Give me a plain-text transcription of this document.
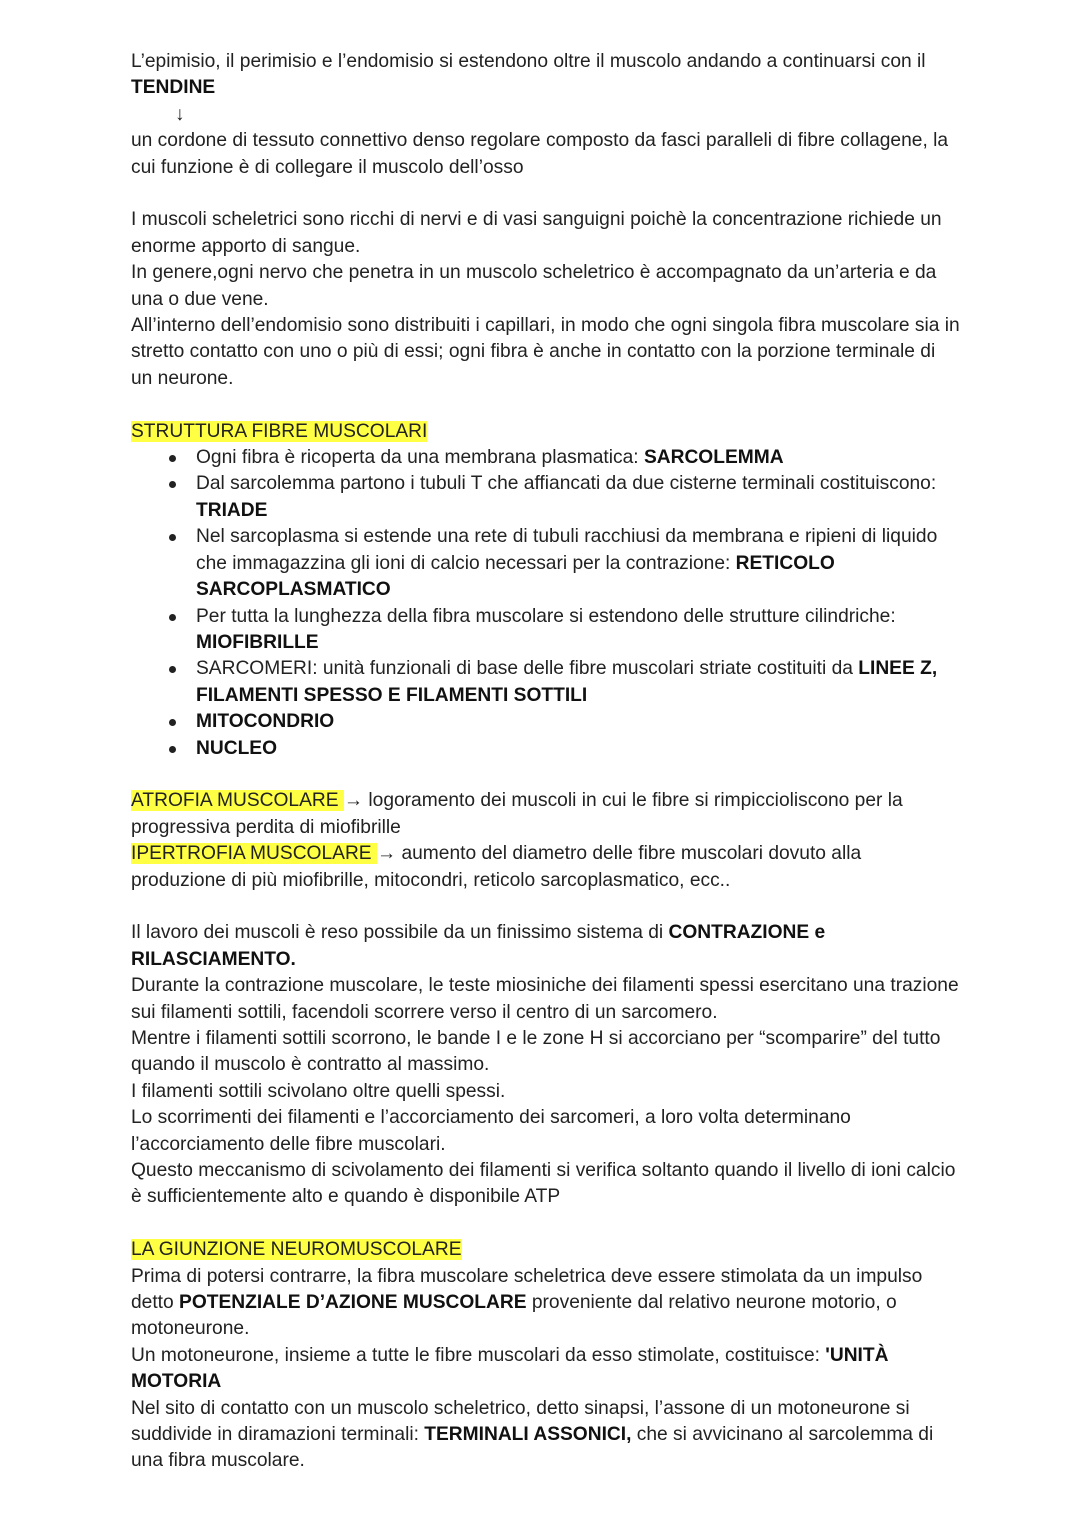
L’epimisio, il perimisio e l’endomisio si estendono oltre il muscolo andando a continuarsi con il TENDINE

↓

un cordone di tessuto connettivo denso regolare composto da fasci paralleli di fibre collagene, la cui funzione è di collegare il muscolo dell’osso

I muscoli scheletrici sono ricchi di nervi e di vasi sanguigni poichè la concentrazione richiede un enorme apporto di sangue.

In genere,ogni nervo che penetra in un muscolo scheletrico è accompagnato da un’arteria e da una o due vene.

All’interno dell’endomisio sono distribuiti i capillari, in modo che ogni singola fibra muscolare sia in stretto contatto con uno o più di essi; ogni fibra è anche in contatto con la porzione terminale di un neurone.

STRUTTURA FIBRE MUSCOLARI

Ogni fibra è ricoperta da una membrana plasmatica: SARCOLEMMA
Dal sarcolemma partono i tubuli T che affiancati da due cisterne terminali costituiscono: TRIADE
Nel sarcoplasma si estende una rete di tubuli racchiusi da membrana e ripieni di liquido che immagazzina gli ioni di calcio necessari per la contrazione: RETICOLO SARCOPLASMATICO
Per tutta la lunghezza della fibra muscolare si estendono delle strutture cilindriche: MIOFIBRILLE
SARCOMERI: unità funzionali di base delle fibre muscolari striate costituiti da LINEE Z, FILAMENTI SPESSO E FILAMENTI SOTTILI
MITOCONDRIO
NUCLEO

ATROFIA MUSCOLARE → logoramento dei muscoli in cui le fibre si rimpiccioliscono per la progressiva perdita di miofibrille

IPERTROFIA MUSCOLARE → aumento del diametro delle fibre muscolari dovuto alla produzione di più miofibrille, mitocondri, reticolo sarcoplasmatico, ecc..

Il lavoro dei muscoli è reso possibile da un finissimo sistema di CONTRAZIONE e RILASCIAMENTO.

Durante la contrazione muscolare, le teste miosiniche dei filamenti spessi esercitano una trazione sui filamenti sottili, facendoli scorrere verso il centro di un sarcomero.

Mentre i filamenti sottili scorrono, le bande I e le zone H si accorciano per “scomparire” del tutto quando il muscolo è contratto al massimo.

I filamenti sottili scivolano oltre quelli spessi.

Lo scorrimenti dei filamenti e l’accorciamento dei sarcomeri, a loro volta determinano l’accorciamento delle fibre muscolari.

Questo meccanismo di scivolamento dei filamenti si verifica soltanto quando il livello di ioni calcio è sufficientemente alto e quando è disponibile ATP

LA GIUNZIONE NEUROMUSCOLARE

Prima di potersi contrarre, la fibra muscolare scheletrica deve essere stimolata da un impulso detto POTENZIALE D’AZIONE MUSCOLARE proveniente dal relativo neurone motorio, o motoneurone.

Un motoneurone, insieme a tutte le fibre muscolari da esso stimolate, costituisce: 'UNITÀ MOTORIA

Nel sito di contatto con un muscolo scheletrico, detto sinapsi, l’assone di un motoneurone si suddivide in diramazioni terminali: TERMINALI ASSONICI, che si avvicinano al sarcolemma di una fibra muscolare.
